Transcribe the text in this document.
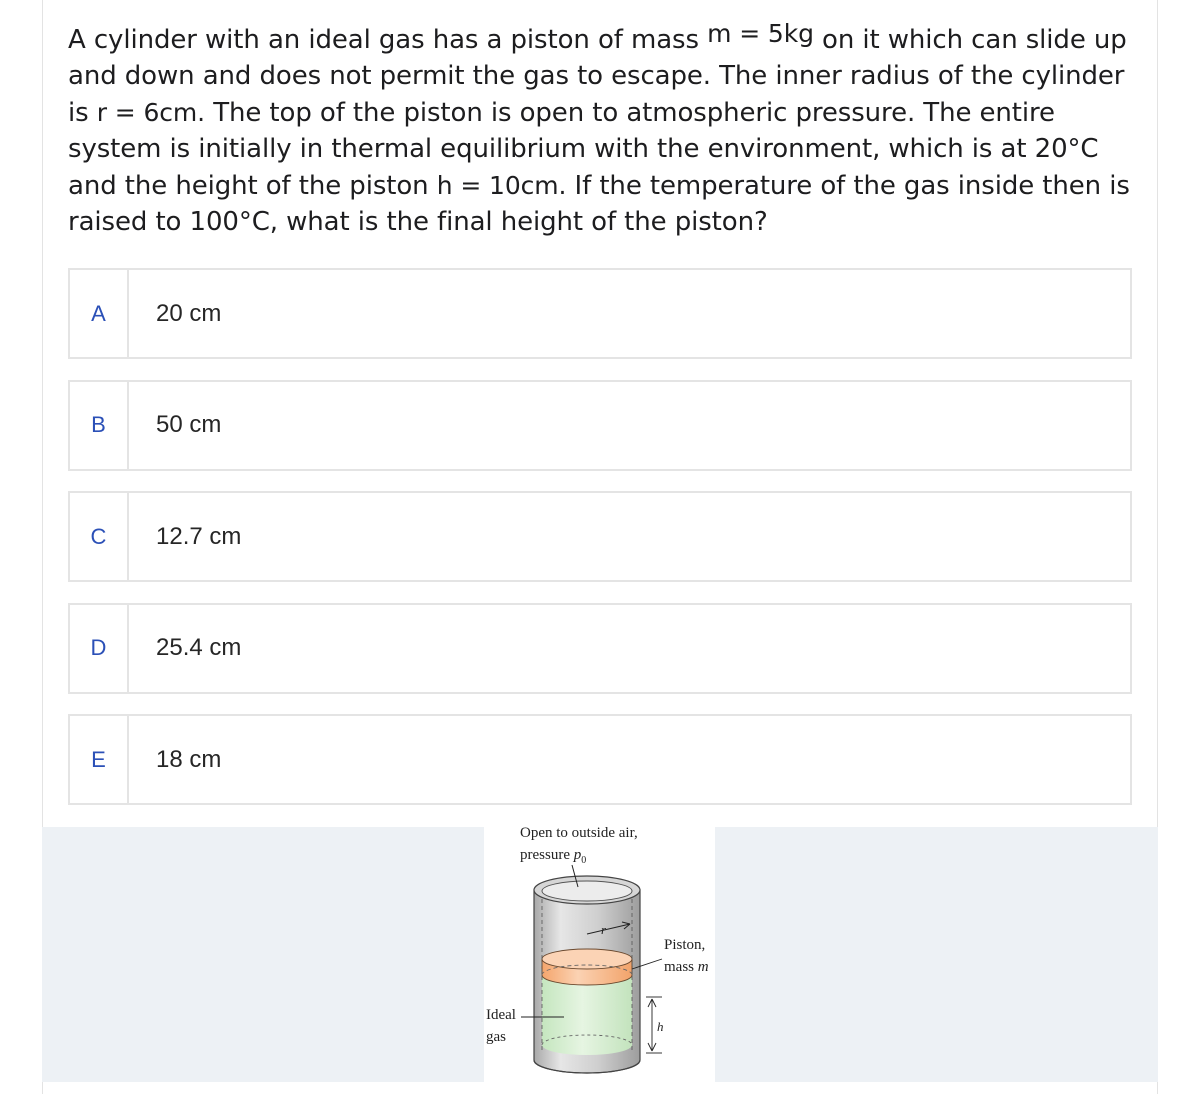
A cylinder with an ideal gas has a piston of mass m = 5kg on it which can slide up and down and does not permit the gas to escape. The inner radius of the cylinder is r = 6cm. The top of the piston is open to atmospheric pressure. The entire system is initially in thermal equilibrium with the environment, which is at 20°C and the height of the piston h = 10cm. If the temperature of the gas inside then is raised to 100°C, what is the final height of the piston?
A	20 cm
B	50 cm
C	12.7 cm
D	25.4 cm
E	18 cm
Open to outside air,
pressure $p_0$
r
Piston,
mass m
Ideal
gas
h
